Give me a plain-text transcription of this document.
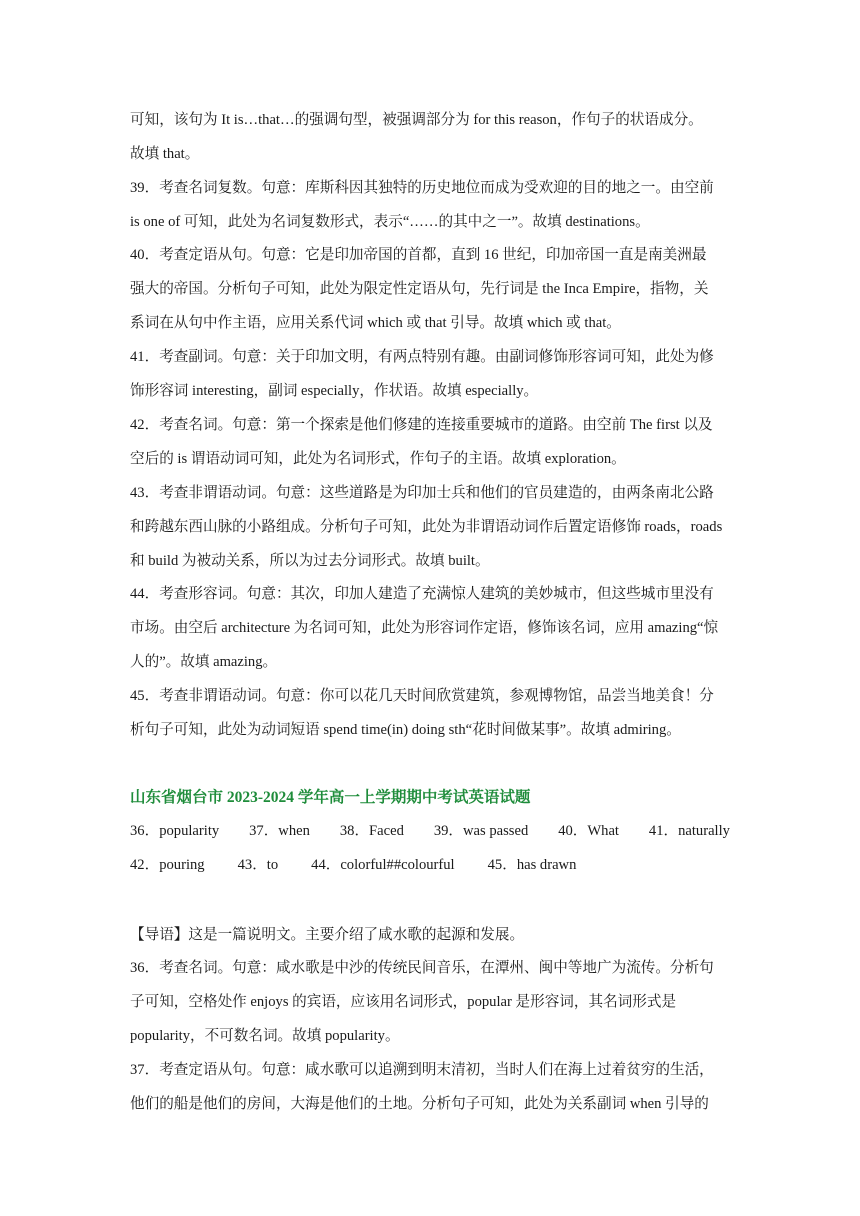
可知，该句为 It is…that…的强调句型，被强调部分为 for this reason，作句子的状语成分。
故填 that。
39．考查名词复数。句意：库斯科因其独特的历史地位而成为受欢迎的目的地之一。由空前
is one of 可知，此处为名词复数形式，表示“……的其中之一”。故填 destinations。
40．考查定语从句。句意：它是印加帝国的首都，直到 16 世纪，印加帝国一直是南美洲最
强大的帝国。分析句子可知，此处为限定性定语从句，先行词是 the Inca Empire，指物，关
系词在从句中作主语，应用关系代词 which 或 that 引导。故填 which 或 that。
41．考查副词。句意：关于印加文明，有两点特别有趣。由副词修饰形容词可知，此处为修
饰形容词 interesting，副词 especially，作状语。故填 especially。
42．考查名词。句意：第一个探索是他们修建的连接重要城市的道路。由空前 The first 以及
空后的 is 谓语动词可知，此处为名词形式，作句子的主语。故填 exploration。
43．考查非谓语动词。句意：这些道路是为印加士兵和他们的官员建造的，由两条南北公路
和跨越东西山脉的小路组成。分析句子可知，此处为非谓语动词作后置定语修饰 roads，roads
和 build 为被动关系，所以为过去分词形式。故填 built。
44．考查形容词。句意：其次，印加人建造了充满惊人建筑的美妙城市，但这些城市里没有
市场。由空后 architecture 为名词可知，此处为形容词作定语，修饰该名词，应用 amazing“惊
人的”。故填 amazing。
45．考查非谓语动词。句意：你可以花几天时间欣赏建筑，参观博物馆，品尝当地美食！分
析句子可知，此处为动词短语 spend time(in) doing sth“花时间做某事”。故填 admiring。
山东省烟台市 2023-2024 学年高一上学期期中考试英语试题
36．popularity 37．when 38．Faced 39．was passed 40．What 41．naturally
42．pouring 43．to 44．colorful##colourful 45．has drawn
【导语】这是一篇说明文。主要介绍了咸水歌的起源和发展。
36．考查名词。句意：咸水歌是中沙的传统民间音乐，在潭州、闽中等地广为流传。分析句
子可知，空格处作 enjoys 的宾语，应该用名词形式，popular 是形容词，其名词形式是
popularity，不可数名词。故填 popularity。
37．考查定语从句。句意：咸水歌可以追溯到明末清初，当时人们在海上过着贫穷的生活，
他们的船是他们的房间，大海是他们的土地。分析句子可知，此处为关系副词 when 引导的
